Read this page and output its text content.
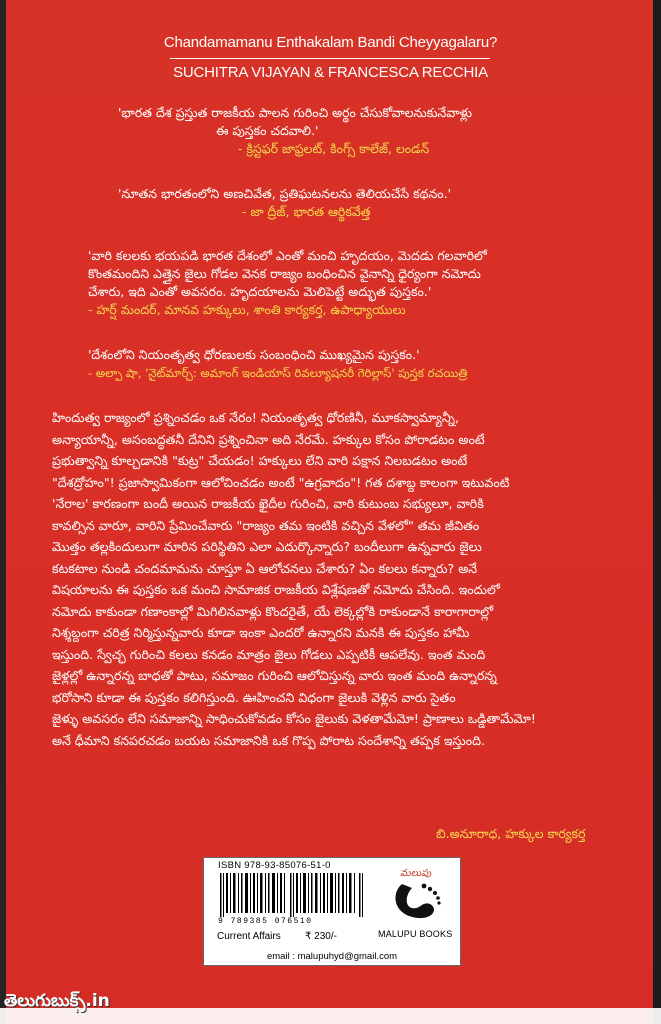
Chandamamanu Enthakalam Bandi Cheyyagalaru?
SUCHITRA VIJAYAN & FRANCESCA RECCHIA
'భారత దేశ ప్రస్తుత రాజకీయ పాలన గురించి అర్థం చేసుకోవాలనుకునేవాళ్లు
ఈ పుస్తకం చదవాలి.'
- క్రిస్టఫర్ జాఫ్రలట్, కింగ్స్ కాలేజ్, లండన్
'నూతన భారతంలోని అణచివేత, ప్రతిఘటనలను తెలియచేసే కథనం.'
- జా ద్రీజ్, భారత ఆర్థికవేత్త
'వారి కలలకు భయపడి భారత దేశంలో ఎంతో మంచి హృదయం, మెదడు గలవారిలో
కొంతమందిని ఎత్తైన జైలు గోడల వెనక రాజ్యం బంధించిన వైనాన్ని ధైర్యంగా నమోదు
చేశారు, ఇది ఎంతో అవసరం. హృదయాలను మెలిపెట్టే అద్భుత పుస్తకం.'
- హర్ష్ మందర్, మానవ హక్కులు, శాంతి కార్యకర్త, ఉపాధ్యాయులు
'దేశంలోని నియంతృత్వ ధోరణులకు సంబంధించి ముఖ్యమైన పుస్తకం.'
- అల్పా షా, 'నైట్‌మార్చ్: అమాంగ్ ఇండియాస్ రివల్యూషనరీ గెరిల్లాస్' పుస్తక రచయిత్రి
హిందుత్వ రాజ్యంలో ప్రశ్నించడం ఒక నేరం! నియంతృత్వ ధోరణినీ, మూకస్వామ్యాన్నీ,
అన్యాయాన్నీ, అసంబద్ధతనీ దేనిని ప్రశ్నించినా అది నేరమే. హక్కుల కోసం పోరాడటం అంటే
ప్రభుత్వాన్ని కూల్చడానికి "కుట్ర" చేయడం! హక్కులు లేని వారి పక్షాన నిలబడటం అంటే
"దేశద్రోహం"! ప్రజాస్వామికంగా ఆలోచించడం అంటే "ఉగ్రవాదం"! గత దశాబ్ద కాలంగా ఇటువంటి
'నేరాల' కారణంగా బందీ అయిన రాజకీయ ఖైదీల గురించి, వారి కుటుంబ సభ్యులూ, వారికి
కావల్సిన వారూ, వారిని ప్రేమించేవారు "రాజ్యం తమ ఇంటికి వచ్చిన వేళలో" తమ జీవితం
మొత్తం తల్లకిందులుగా మారిన పరిస్థితిని ఎలా ఎదుర్కొన్నారు? బందీలుగా ఉన్నవారు జైలు
కటకటాల నుండి చందమామను చూస్తూ ఏ ఆలోచనలు చేశారు? ఏం కలలు కన్నారు? అనే
విషయాలను ఈ పుస్తకం ఒక మంచి సామాజిక రాజకీయ విశ్లేషణతో నమోదు చేసింది. ఇందులో
నమోదు కాకుండా గణాంకాల్లో మిగిలినవాళ్లు కొందరైతే, యే లెక్కల్లోకి రాకుండానే కారాగారాల్లో
నిశ్శబ్దంగా చరిత్ర నిర్మిస్తున్నవారు కూడా ఇంకా ఎందరో ఉన్నారని మనకి ఈ పుస్తకం హామీ
ఇస్తుంది. స్వేచ్ఛ గురించి కలలు కనడం మాత్రం జైలు గోడలు ఎప్పటికీ ఆపలేవు. ఇంత మంది
జైళ్లల్లో ఉన్నారన్న బాధతో పాటు, సమాజం గురించి ఆలోచిస్తున్న వారు ఇంత మంది ఉన్నారన్న
భరోసాని కూడా ఈ పుస్తకం కలిగిస్తుంది. ఊహించని విధంగా జైలుకి వెళ్లిన వారు సైతం
జైళ్ళు అవసరం లేని సమాజాన్ని సాధించుకోవడం కోసం జైలుకు వెళతామేమో! ప్రాణాలు ఒడ్డితామేమో!
అనే ధీమాని కనపరచడం బయట సమాజానికి ఒక గొప్ప పోరాట సందేశాన్ని తప్పక ఇస్తుంది.
బి.అనూరాధ, హక్కుల కార్యకర్త
ISBN 978-93-85076-51-0
9 789385 076510
Current Affairs ₹ 230/-
మలుపు
MALUPU BOOKS
email : malupuhyd@gmail.com
తెలుగుబుక్స్.in
